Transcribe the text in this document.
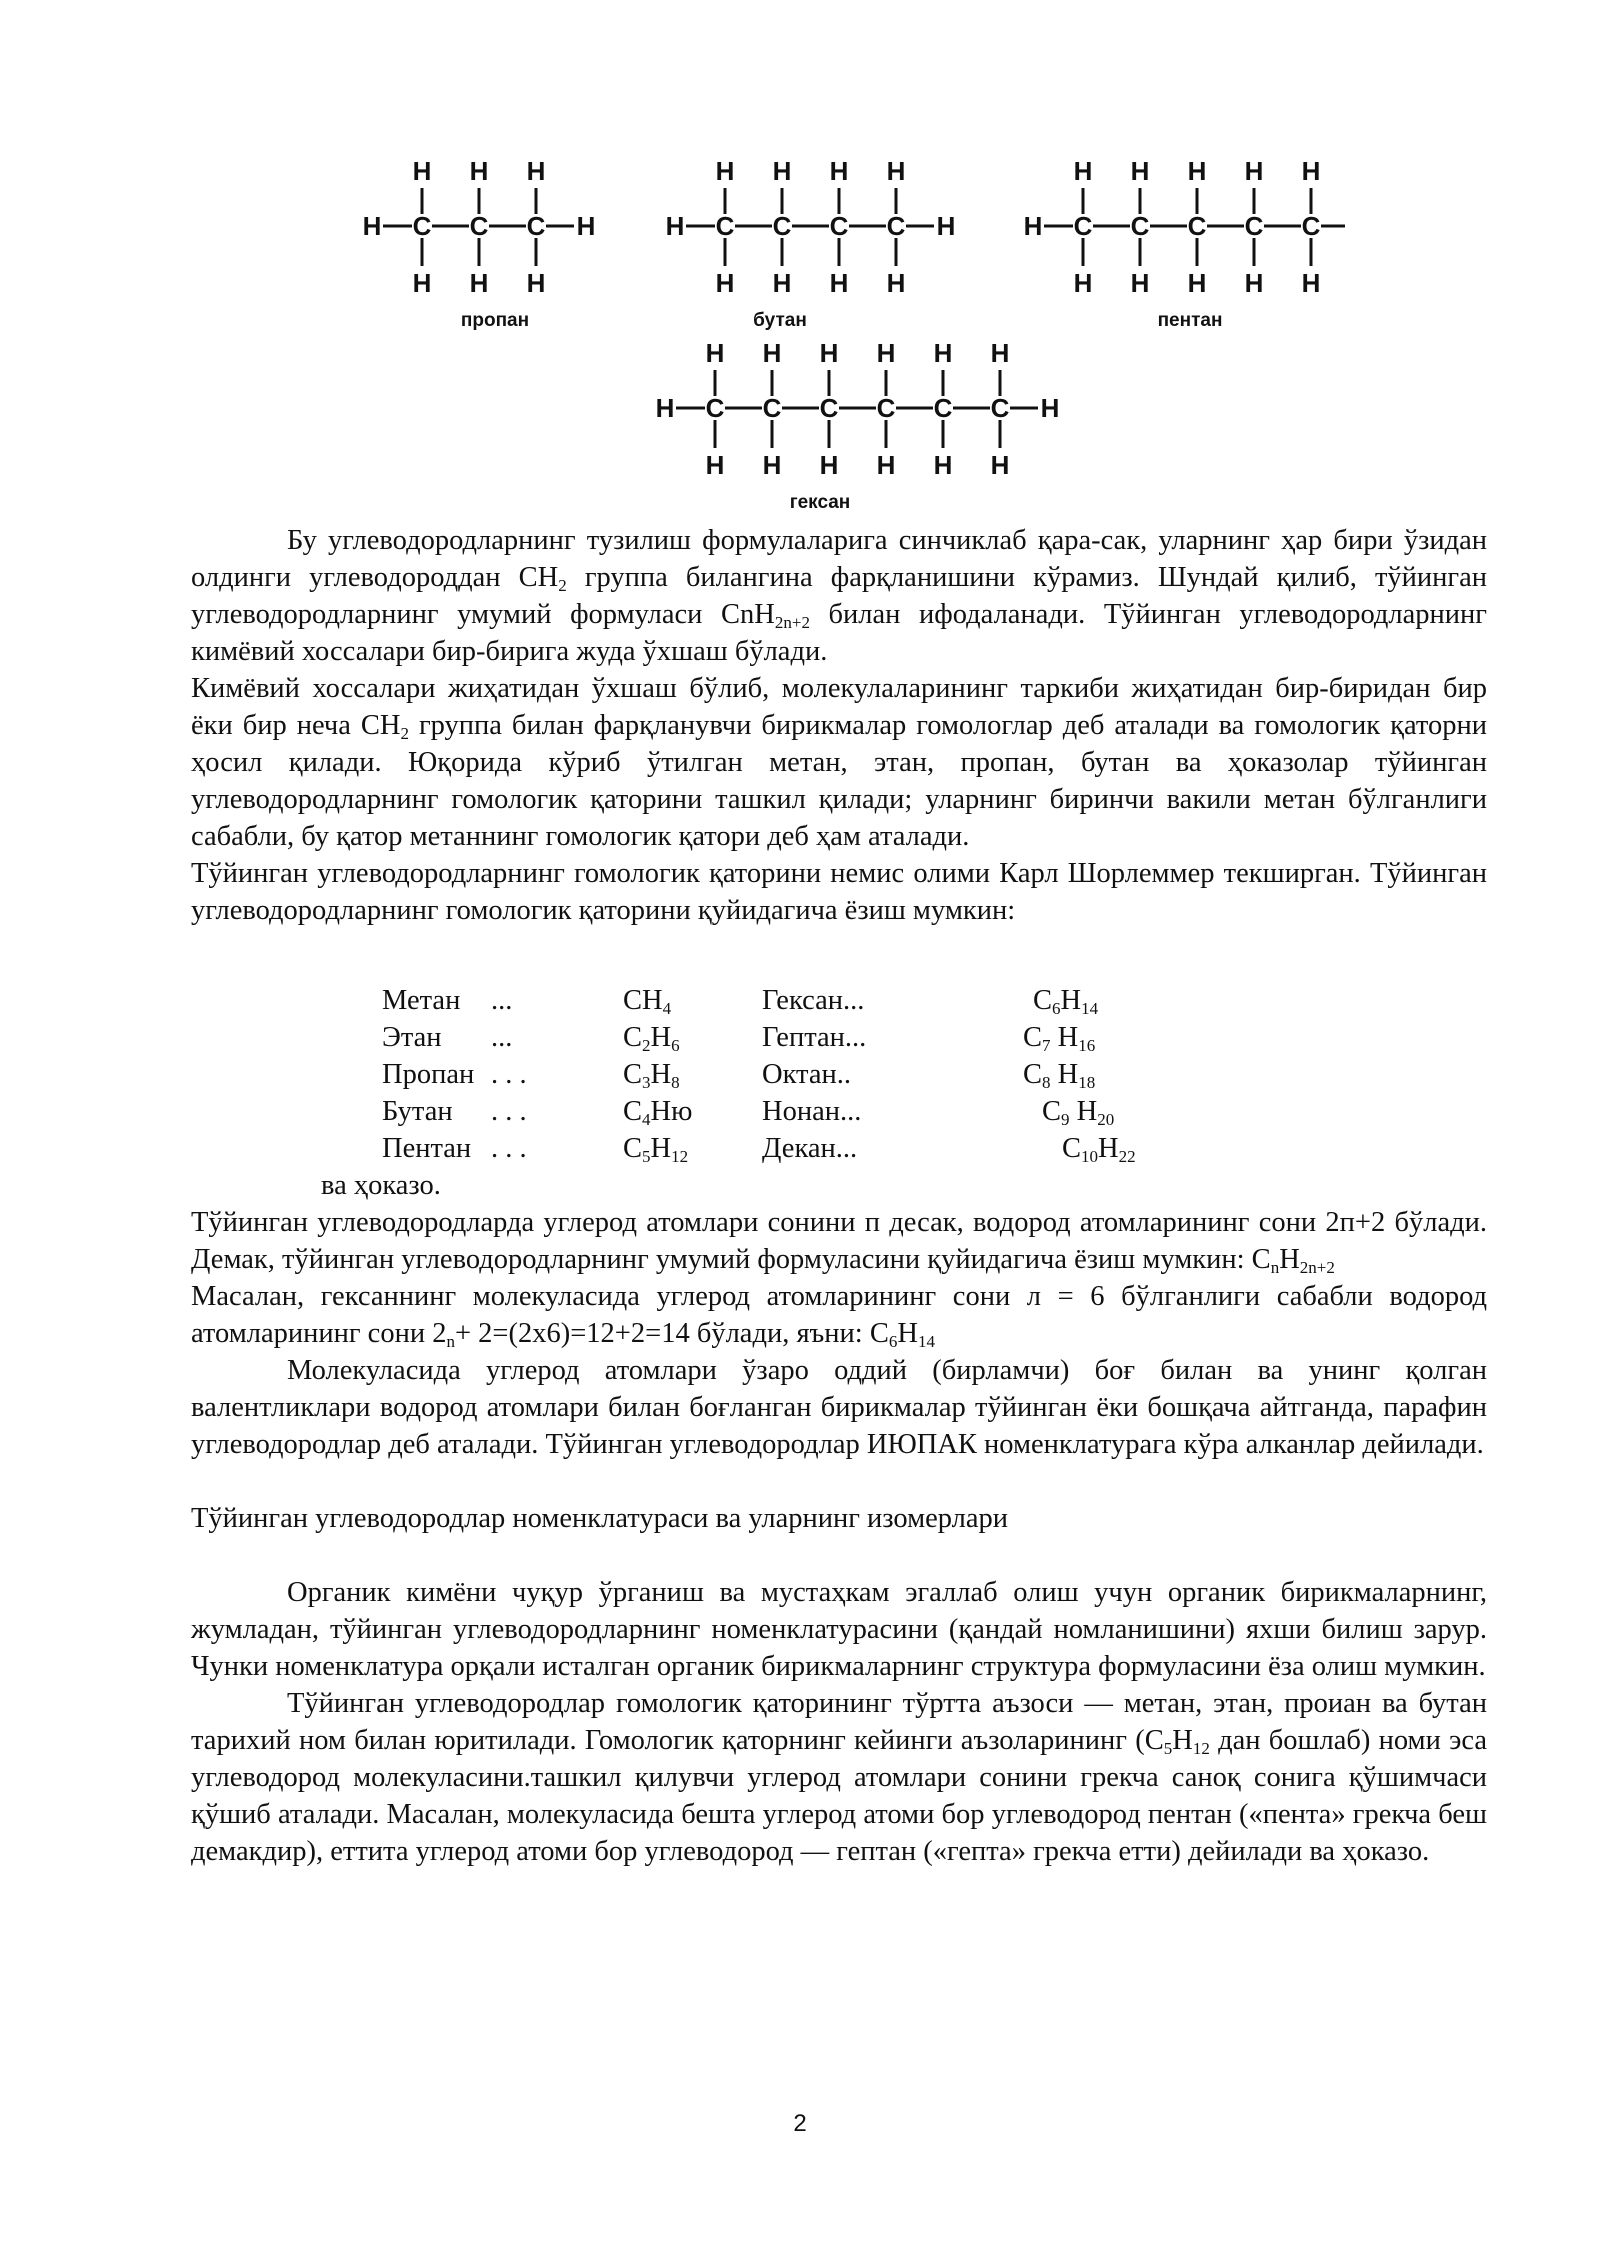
H C
H
H
C
H
H
C
H
H
H
пропан
H C
H
H
C
H
H
C
H
H
C
H
H
H
бутан
H C
H
H
C
H
H
C
H
H
C
H
H
C
H
H
пентан
H C
H
H
C
H
H
C
H
H
C
H
H
C
H
H
C
H
H
H
гексан

Бу углеводородларнинг тузилиш формулаларига синчиклаб қара-сак, уларнинг ҳар бири ўзидан олдинги углеводороддан $СН_2$ группа билангина фарқланишини кўрамиз. Шундай қилиб, тўйинган углеводородларнинг умумий формуласи СnН$_{2n+2}$ билан ифодаланади. Тўйинган углеводородларнинг кимёвий хоссалари бир-бирига жуда ўхшаш бўлади.

Кимёвий хоссалари жиҳатидан ўхшаш бўлиб, молекулаларининг таркиби жиҳатидан бир-биридан бир ёки бир неча $СН_2$ группа билан фарқланувчи бирикмалар гомологлар деб аталади ва гомологик қаторни ҳосил қилади. Юқорида кўриб ўтилган метан, этан, пропан, бутан ва ҳоказолар тўйинган углеводородларнинг гомологик қаторини ташкил қилади; уларнинг биринчи вакили метан бўлганлиги сабабли, бу қатор метаннинг гомологик қатори деб ҳам аталади.

Тўйинган углеводородларнинг гомологик қаторини немис олими Карл Шорлеммер текширган. Тўйинган углеводородларнинг гомологик қаторини қуйидагича ёзиш мумкин:

Метан ...	$СН_4$	Гексан...	$С_6Н_{14}$
Этан ...	$С_2Н_6$	Гептан...	$С_7$ $Н_{16}$
Пропан . . .	$С_3Н_8$	Октан..	$С_8$ $Н_{18}$
Бутан . . .	$С_4Ню$ Нонан...	$С_9$ $Н_{20}$
Пентан . . .	$С_5Н_{12}$	Декан...	$С_{10}Н_{22}$

ва ҳоказо.

Тўйинган углеводородларда углерод атомлари сонини п десак, водород атомларининг сони 2п+2 бўлади. Демак, тўйинган углеводородларнинг умумий формуласини қуйидагича ёзиш мумкин: $С_nН_{2n+2}$

Масалан, гексаннинг молекуласида углерод атомларининг сони л = 6 бўлганлиги сабабли водород атомларининг сони $2_n+ 2=(2х6)=12+2=14$ бўлади, яъни: $С_6Н_{14}$

Молекуласида углерод атомлари ўзаро оддий (бирламчи) боғ билан ва унинг қолган валентликлари водород атомлари билан боғланган бирикмалар тўйинган ёки бошқача айтганда, парафин углеводородлар деб аталади. Тўйинган углеводородлар ИЮПАК номенклатурага кўра алканлар дейилади.

Тўйинган углеводородлар номенклатураси ва уларнинг изомерлари

Органик кимёни чуқур ўрганиш ва мустаҳкам эгаллаб олиш учун органик бирикмаларнинг, жумладан, тўйинган углеводородларнинг номенклатурасини (қандай номланишини) яхши билиш зарур. Чунки номенклатура орқали исталган органик бирикмаларнинг структура формуласини ёза олиш мумкин.

Тўйинган углеводородлар гомологик қаторининг тўртта аъзоси — метан, этан, проиан ва бутан тарихий ном билан юритилади. Гомологик қаторнинг кейинги аъзоларининг ($С_5Н_{12}$ дан бошлаб) номи эса углеводород молекуласини.ташкил қилувчи углерод атомлари сонини грекча саноқ сонига қўшимчаси қўшиб аталади. Масалан, молекуласида бешта углерод атоми бор углеводород пентан («пента» грекча беш демакдир), еттита углерод атоми бор углеводород — гептан («гепта» грекча етти) дейилади ва ҳоказо.

2
